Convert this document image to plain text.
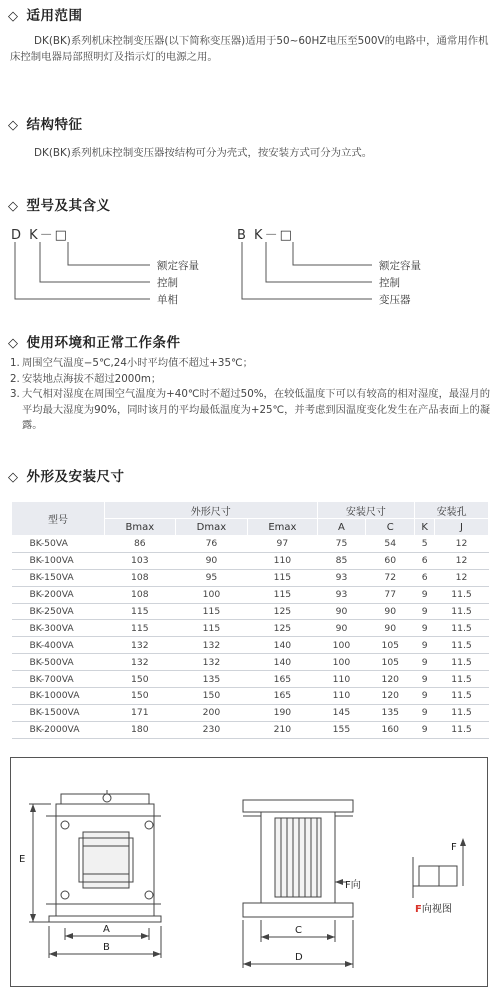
◇ 适用范围
DK(BK)系列机床控制变压器(以下简称变压器)适用于50~60HZ电压至500V的电路中，通常用作机床控制电器局部照明灯及指示灯的电源之用。
◇ 结构特征
DK(BK)系列机床控制变压器按结构可分为壳式，按安装方式可分为立式。
◇ 型号及其含义
D K－□	B K－□
额定容量
控制
单相
额定容量
控制
变压器
◇ 使用环境和正常工作条件
1. 周围空气温度−5℃,24小时平均值不超过+35℃；
2. 安装地点海拔不超过2000m；
3. 大气相对湿度在周围空气温度为+40℃时不超过50%，在较低温度下可以有较高的相对湿度，最湿月的平均最大湿度为90%，同时该月的平均最低温度为+25℃，并考虑到因温度变化发生在产品表面上的凝露。
◇ 外形及安装尺寸
型号	外形尺寸			安装尺寸		安装孔	
	Bmax	Dmax	Emax	A	C	K	J
BK-50VA	86	76	97	75	54	5	12
BK-100VA	103	90	110	85	60	6	12
BK-150VA	108	95	115	93	72	6	12
BK-200VA	108	100	115	93	77	9	11.5
BK-250VA	115	115	125	90	90	9	11.5
BK-300VA	115	115	125	90	90	9	11.5
BK-400VA	132	132	140	100	105	9	11.5
BK-500VA	132	132	140	100	105	9	11.5
BK-700VA	150	135	165	110	120	9	11.5
BK-1000VA	150	150	165	110	120	9	11.5
BK-1500VA	171	200	190	145	135	9	11.5
BK-2000VA	180	230	210	155	160	9	11.5
E
A
B
C
D
F向
F
F向视图
